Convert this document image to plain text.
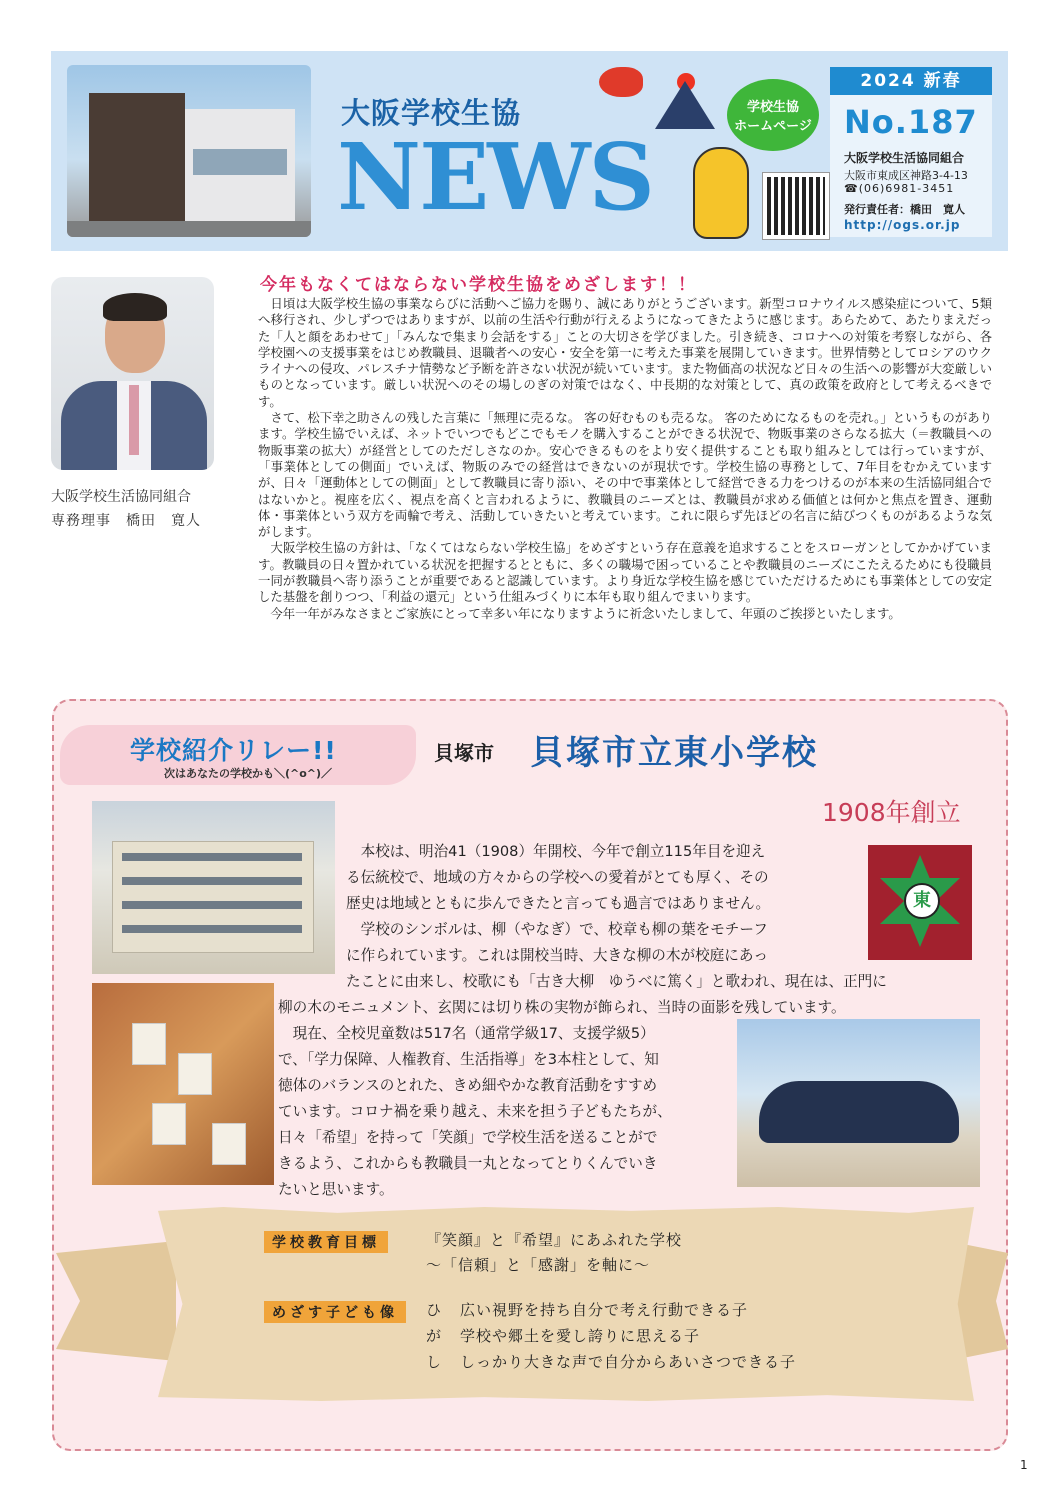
大阪学校生協
NEWS
学校生協
ホームページ
2024 新春
No.187
大阪学校生活協同組合
大阪市東成区神路3-4-13
☎(06)6981-3451
発行責任者：橋田　寛人
http://ogs.or.jp
大阪学校生活協同組合
専務理事　橋田　寛人
今年もなくてはならない学校生協をめざします！！

日頃は大阪学校生協の事業ならびに活動へご協力を賜り、誠にありがとうございます。新型コロナウイルス感染症について、5類へ移行され、少しずつではありますが、以前の生活や行動が行えるようになってきたように感じます。あらためて、あたりまえだった「人と顔をあわせて」「みんなで集まり会話をする」ことの大切さを学びました。引き続き、コロナへの対策を考察しながら、各学校園への支援事業をはじめ教職員、退職者への安心・安全を第一に考えた事業を展開していきます。世界情勢としてロシアのウクライナへの侵攻、パレスチナ情勢など予断を許さない状況が続いています。また物価高の状況など日々の生活への影響が大変厳しいものとなっています。厳しい状況へのその場しのぎの対策ではなく、中長期的な対策として、真の政策を政府として考えるべきです。

さて、松下幸之助さんの残した言葉に「無理に売るな。 客の好むものも売るな。 客のためになるものを売れ。」というものがあります。学校生協でいえば、ネットでいつでもどこでもモノを購入することができる状況で、物販事業のさらなる拡大（＝教職員への物販事業の拡大）が経営としてのただしさなのか。安心できるものをより安く提供することも取り組みとしては行っていますが、「事業体としての側面」でいえば、物販のみでの経営はできないのが現状です。学校生協の専務として、7年目をむかえていますが、日々「運動体としての側面」として教職員に寄り添い、その中で事業体として経営できる力をつけるのが本来の生活協同組合ではないかと。視座を広く、視点を高くと言われるように、教職員のニーズとは、教職員が求める価値とは何かと焦点を置き、運動体・事業体という双方を両輪で考え、活動していきたいと考えています。これに限らず先ほどの名言に結びつくものがあるような気がします。

大阪学校生協の方針は、「なくてはならない学校生協」をめざすという存在意義を追求することをスローガンとしてかかげています。教職員の日々置かれている状況を把握するとともに、多くの職場で困っていることや教職員のニーズにこたえるためにも役職員一同が教職員へ寄り添うことが重要であると認識しています。より身近な学校生協を感じていただけるためにも事業体としての安定した基盤を創りつつ、「利益の還元」という仕組みづくりに本年も取り組んでまいります。

今年一年がみなさまとご家族にとって幸多い年になりますように祈念いたしまして、年頭のご挨拶といたします。

学校紹介リレー!!
次はあなたの学校かも＼(^o^)／
貝塚市 貝塚市立東小学校
1908年創立
東

　本校は、明治41（1908）年開校、今年で創立115年目を迎え

る伝統校で、地域の方々からの学校への愛着がとても厚く、その

歴史は地域とともに歩んできたと言っても過言ではありません。

　学校のシンボルは、柳（やなぎ）で、校章も柳の葉をモチーフ

に作られています。これは開校当時、大きな柳の木が校庭にあっ

たことに由来し、校歌にも「古き大柳　ゆうべに篤く」と歌われ、現在は、正門に
柳の木のモニュメント、玄関には切り株の実物が飾られ、当時の面影を残しています。

　現在、全校児童数は517名（通常学級17、支援学級5）

で、「学力保障、人権教育、生活指導」を3本柱として、知

徳体のバランスのとれた、きめ細やかな教育活動をすすめ

ています。コロナ禍を乗り越え、未来を担う子どもたちが、

日々「希望」を持って「笑顔」で学校生活を送ることがで

きるよう、これからも教職員一丸となってとりくんでいき

たいと思います。

学校教育目標	『笑顔』と『希望』にあふれた学校
～「信頼」と「感謝」を軸に～
めざす子ども像	ひ 広い視野を持ち自分で考え行動できる子
が 学校や郷土を愛し誇りに思える子
し しっかり大きな声で自分からあいさつできる子
1
